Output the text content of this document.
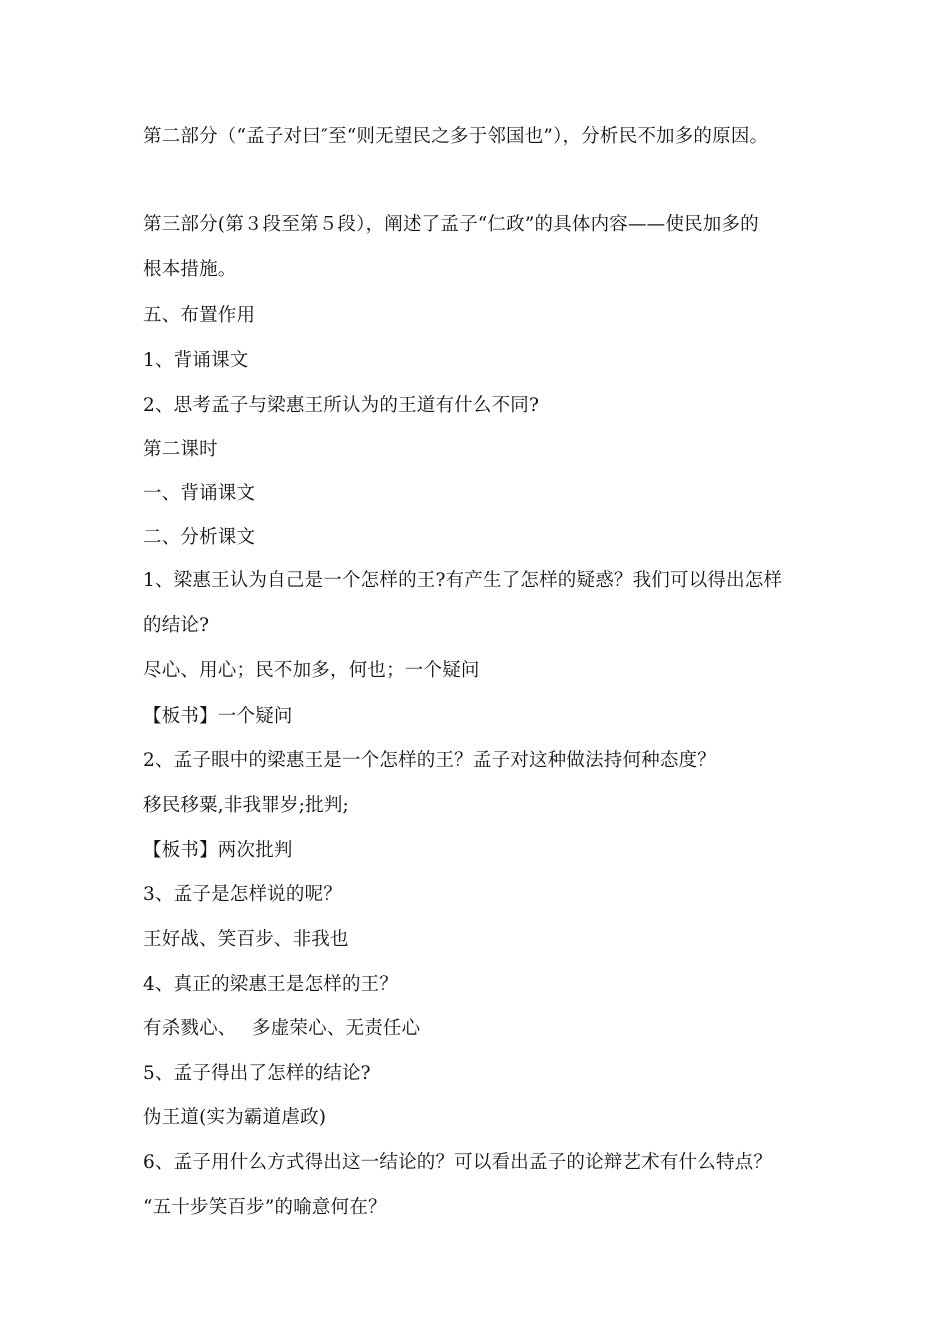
第二部分（“孟子对曰″至“则无望民之多于邻国也”），分析民不加多的原因。
第三部分(第３段至第５段），阐述了孟子“仁政”的具体内容——使民加多的
根本措施。
五、布置作用
1、背诵课文
2、思考孟子与梁惠王所认为的王道有什么不同?
第二课时
一、背诵课文
二、分析课文
1、梁惠王认为自己是一个怎样的王?有产生了怎样的疑惑？我们可以得出怎样
的结论?
尽心、用心；民不加多，何也；一个疑问
【板书】一个疑问
2、孟子眼中的梁惠王是一个怎样的王？孟子对这种做法持何种态度？
移民移粟,非我罪岁;批判;
【板书】两次批判
3、孟子是怎样说的呢？
王好战、笑百步、非我也
4、真正的梁惠王是怎样的王？
有杀戮心、　 多虚荣心、无责任心
5、孟子得出了怎样的结论?
伪王道(实为霸道虐政)
6、孟子用什么方式得出这一结论的？可以看出孟子的论辩艺术有什么特点？
“五十步笑百步”的喻意何在？
